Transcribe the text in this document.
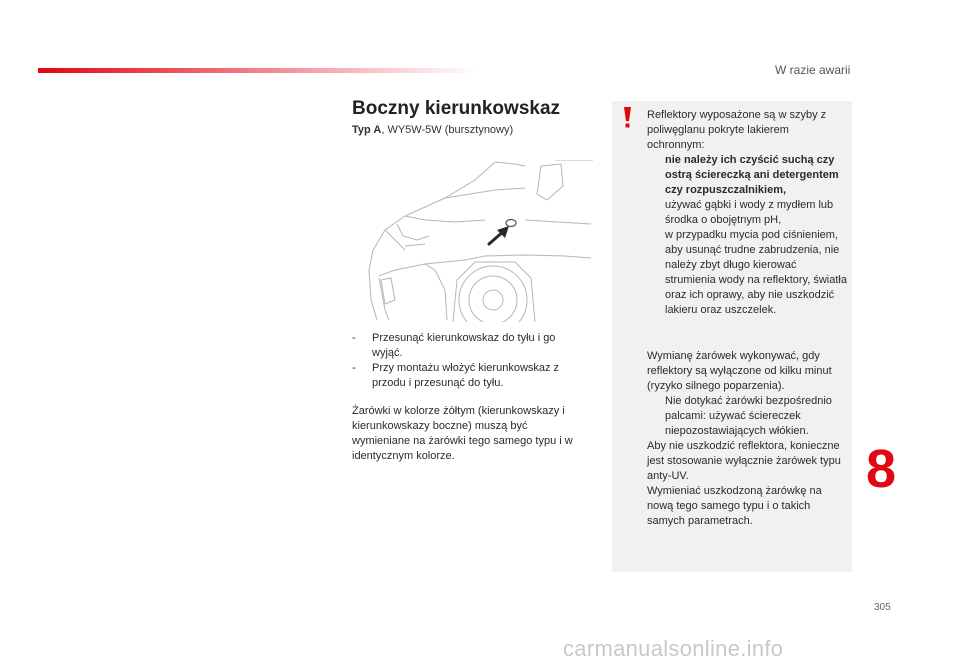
W razie awarii
Boczny kierunkowskaz
Typ A, WY5W-5W (bursztynowy)
- Przesunąć kierunkowskaz do tyłu i go wyjąć.
- Przy montażu włożyć kierunkowskaz z przodu i przesunąć do tyłu.
Żarówki w kolorze żółtym (kierunkowskazy i kierunkowskazy boczne) muszą być wymieniane na żarówki tego samego typu i w identycznym kolorze.
Reflektory wyposażone są w szyby z poliwęglanu pokryte lakierem ochronnym:
nie należy ich czyścić suchą czy ostrą ściereczką ani detergentem czy rozpuszczalnikiem,
używać gąbki i wody z mydłem lub środka o obojętnym pH,
w przypadku mycia pod ciśnieniem, aby usunąć trudne zabrudzenia, nie należy zbyt długo kierować strumienia wody na reflektory, światła oraz ich oprawy, aby nie uszkodzić lakieru oraz uszczelek.
Wymianę żarówek wykonywać, gdy reflektory są wyłączone od kilku minut (ryzyko silnego poparzenia).
Nie dotykać żarówki bezpośrednio palcami: używać ściereczek niepozostawiających włókien.
Aby nie uszkodzić reflektora, konieczne jest stosowanie wyłącznie żarówek typu anty-UV.
Wymieniać uszkodzoną żarówkę na nową tego samego typu i o takich samych parametrach.
8
305
carmanualsonline.info
